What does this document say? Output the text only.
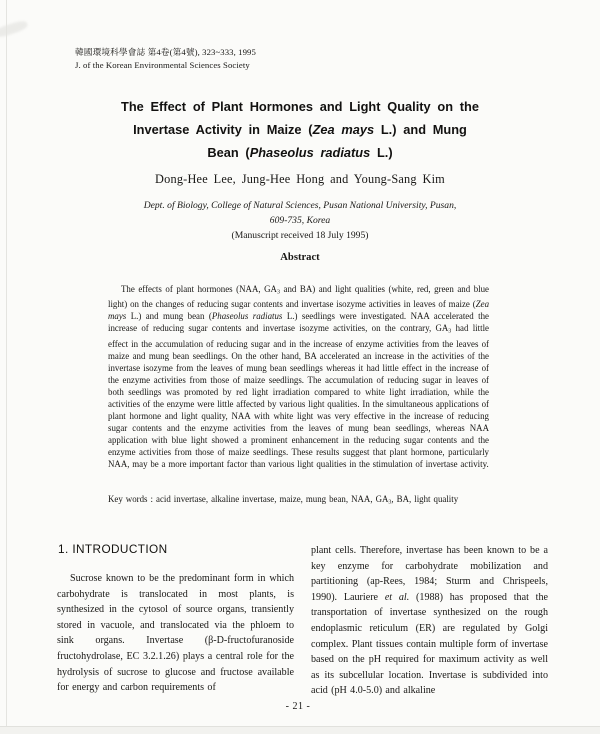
韓國環境科學會誌 第4卷(第4號), 323~333, 1995
J. of the Korean Environmental Sciences Society
The Effect of Plant Hormones and Light Quality on the
Invertase Activity in Maize (Zea mays L.) and Mung
Bean (Phaseolus radiatus L.)
Dong-Hee Lee, Jung-Hee Hong and Young-Sang Kim
Dept. of Biology, College of Natural Sciences, Pusan National University, Pusan,
609-735, Korea
(Manuscript received 18 July 1995)
Abstract
The effects of plant hormones (NAA, GA3 and BA) and light qualities (white, red, green and blue light) on the changes of reducing sugar contents and invertase isozyme activities in leaves of maize (Zea mays L.) and mung bean (Phaseolus radiatus L.) seedlings were investigated. NAA accelerated the increase of reducing sugar contents and invertase isozyme activities, on the contrary, GA3 had little effect in the accumulation of reducing sugar and in the increase of enzyme activities from the leaves of maize and mung bean seedlings. On the other hand, BA accelerated an increase in the activities of the invertase isozyme from the leaves of mung bean seedlings whereas it had little effect in the increase of the enzyme activities from those of maize seedlings. The accumulation of reducing sugar in leaves of both seedlings was promoted by red light irradiation compared to white light irradiation, while the activities of the enzyme were little affected by various light qualities. In the simultaneous applications of plant hormone and light quality, NAA with white light was very effective in the increase of reducing sugar contents and the enzyme activities from the leaves of mung bean seedlings, whereas NAA application with blue light showed a prominent enhancement in the reducing sugar contents and the enzyme activities from those of maize seedlings. These results suggest that plant hormone, particularly NAA, may be a more important factor than various light qualities in the stimulation of invertase activity.
Key words : acid invertase, alkaline invertase, maize, mung bean, NAA, GA3, BA, light quality
1. INTRODUCTION
Sucrose known to be the predominant form in which carbohydrate is translocated in most plants, is synthesized in the cytosol of source organs, transiently stored in vacuole, and translocated via the phloem to sink organs. Invertase (β-D-fructofuranoside fructohydrolase, EC 3.2.1.26) plays a central role for the hydrolysis of sucrose to glucose and fructose available for energy and carbon requirements of
plant cells. Therefore, invertase has been known to be a key enzyme for carbohydrate mobilization and partitioning (ap-Rees, 1984; Sturm and Chrispeels, 1990). Lauriere et al. (1988) has proposed that the transportation of invertase synthesized on the rough endoplasmic reticulum (ER) are regulated by Golgi complex. Plant tissues contain multiple form of invertase based on the pH required for maximum activity as well as its subcellular location. Invertase is subdivided into acid (pH 4.0-5.0) and alkaline
- 21 -
